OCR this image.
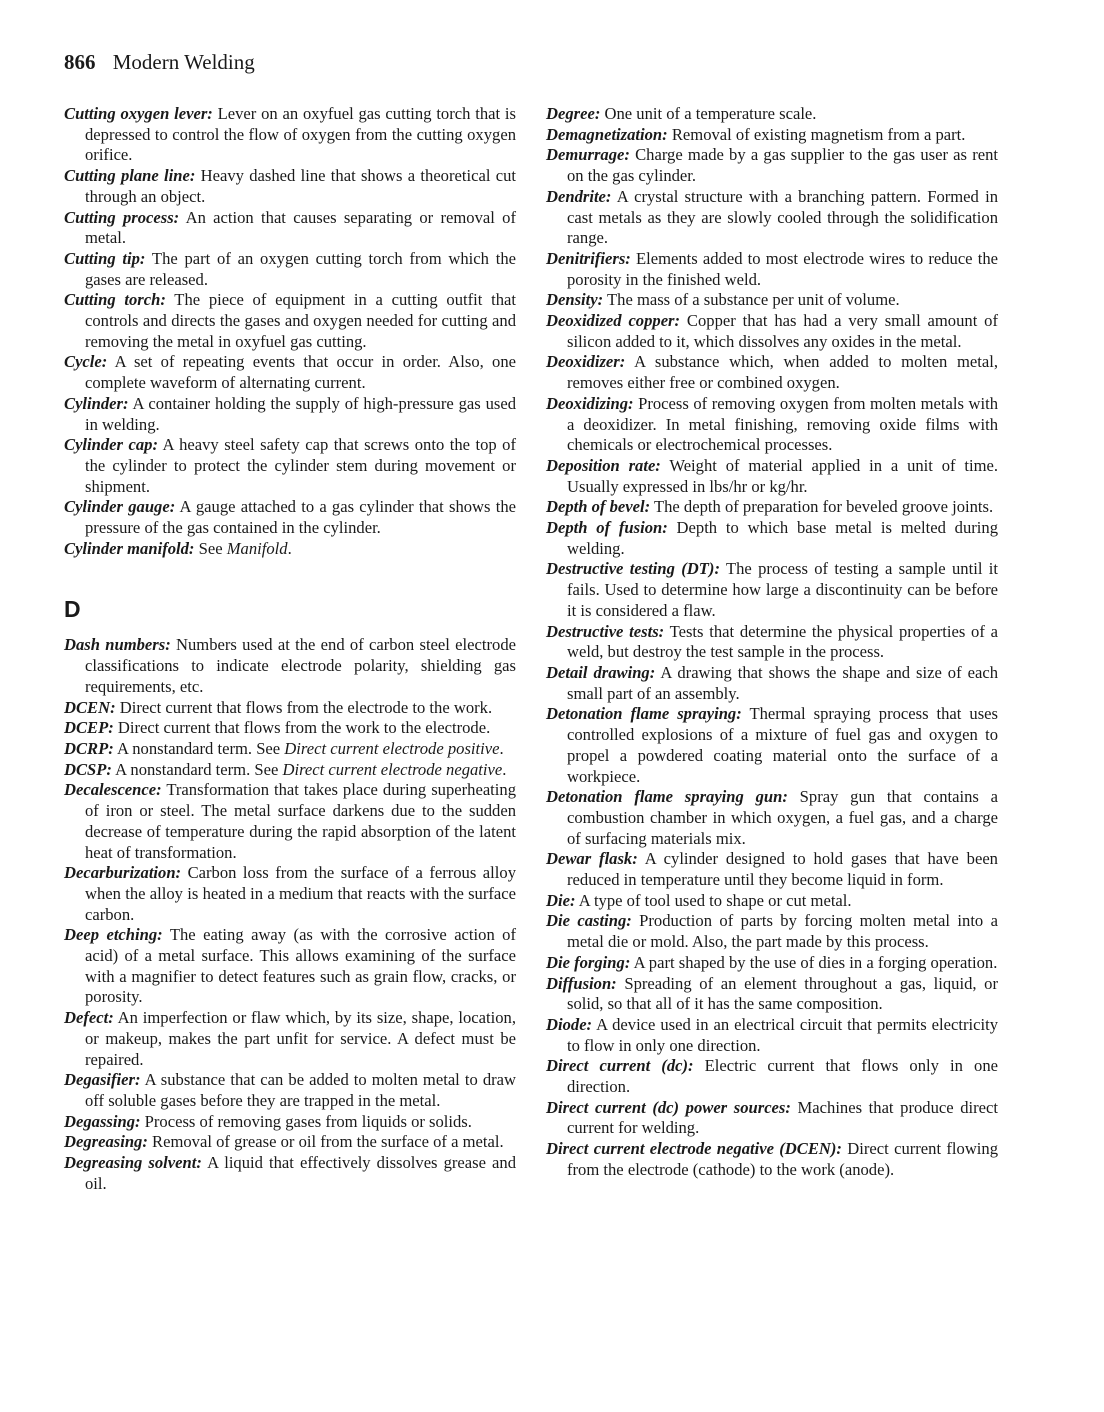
866 Modern Welding

Cutting oxygen lever: Lever on an oxyfuel gas cutting torch that is depressed to control the flow of oxygen from the cutting oxygen orifice.

Cutting plane line: Heavy dashed line that shows a theoretical cut through an object.

Cutting process: An action that causes separating or removal of metal.

Cutting tip: The part of an oxygen cutting torch from which the gases are released.

Cutting torch: The piece of equipment in a cutting outfit that controls and directs the gases and oxygen needed for cutting and removing the metal in oxyfuel gas cutting.

Cycle: A set of repeating events that occur in order. Also, one complete waveform of alternating current.

Cylinder: A container holding the supply of high-pressure gas used in welding.

Cylinder cap: A heavy steel safety cap that screws onto the top of the cylinder to protect the cylinder stem during movement or shipment.

Cylinder gauge: A gauge attached to a gas cylinder that shows the pressure of the gas contained in the cylinder.

Cylinder manifold: See Manifold.

D

Dash numbers: Numbers used at the end of carbon steel electrode classifications to indicate electrode polarity, shielding gas requirements, etc.

DCEN: Direct current that flows from the electrode to the work.

DCEP: Direct current that flows from the work to the electrode.

DCRP: A nonstandard term. See Direct current electrode positive.

DCSP: A nonstandard term. See Direct current electrode negative.

Decalescence: Transformation that takes place during superheating of iron or steel. The metal surface darkens due to the sudden decrease of temperature during the rapid absorption of the latent heat of transformation.

Decarburization: Carbon loss from the surface of a ferrous alloy when the alloy is heated in a medium that reacts with the surface carbon.

Deep etching: The eating away (as with the corrosive action of acid) of a metal surface. This allows examining of the surface with a magnifier to detect features such as grain flow, cracks, or porosity.

Defect: An imperfection or flaw which, by its size, shape, location, or makeup, makes the part unfit for service. A defect must be repaired.

Degasifier: A substance that can be added to molten metal to draw off soluble gases before they are trapped in the metal.

Degassing: Process of removing gases from liquids or solids.

Degreasing: Removal of grease or oil from the surface of a metal.

Degreasing solvent: A liquid that effectively dissolves grease and oil.

Degree: One unit of a temperature scale.

Demagnetization: Removal of existing magnetism from a part.

Demurrage: Charge made by a gas supplier to the gas user as rent on the gas cylinder.

Dendrite: A crystal structure with a branching pattern. Formed in cast metals as they are slowly cooled through the solidification range.

Denitrifiers: Elements added to most electrode wires to reduce the porosity in the finished weld.

Density: The mass of a substance per unit of volume.

Deoxidized copper: Copper that has had a very small amount of silicon added to it, which dissolves any oxides in the metal.

Deoxidizer: A substance which, when added to molten metal, removes either free or combined oxygen.

Deoxidizing: Process of removing oxygen from molten metals with a deoxidizer. In metal finishing, removing oxide films with chemicals or electrochemical processes.

Deposition rate: Weight of material applied in a unit of time. Usually expressed in lbs/hr or kg/hr.

Depth of bevel: The depth of preparation for beveled groove joints.

Depth of fusion: Depth to which base metal is melted during welding.

Destructive testing (DT): The process of testing a sample until it fails. Used to determine how large a discontinuity can be before it is considered a flaw.

Destructive tests: Tests that determine the physical properties of a weld, but destroy the test sample in the process.

Detail drawing: A drawing that shows the shape and size of each small part of an assembly.

Detonation flame spraying: Thermal spraying process that uses controlled explosions of a mixture of fuel gas and oxygen to propel a powdered coating material onto the surface of a workpiece.

Detonation flame spraying gun: Spray gun that contains a combustion chamber in which oxygen, a fuel gas, and a charge of surfacing materials mix.

Dewar flask: A cylinder designed to hold gases that have been reduced in temperature until they become liquid in form.

Die: A type of tool used to shape or cut metal.

Die casting: Production of parts by forcing molten metal into a metal die or mold. Also, the part made by this process.

Die forging: A part shaped by the use of dies in a forging operation.

Diffusion: Spreading of an element throughout a gas, liquid, or solid, so that all of it has the same composition.

Diode: A device used in an electrical circuit that permits electricity to flow in only one direction.

Direct current (dc): Electric current that flows only in one direction.

Direct current (dc) power sources: Machines that produce direct current for welding.

Direct current electrode negative (DCEN): Direct current flowing from the electrode (cathode) to the work (anode).
